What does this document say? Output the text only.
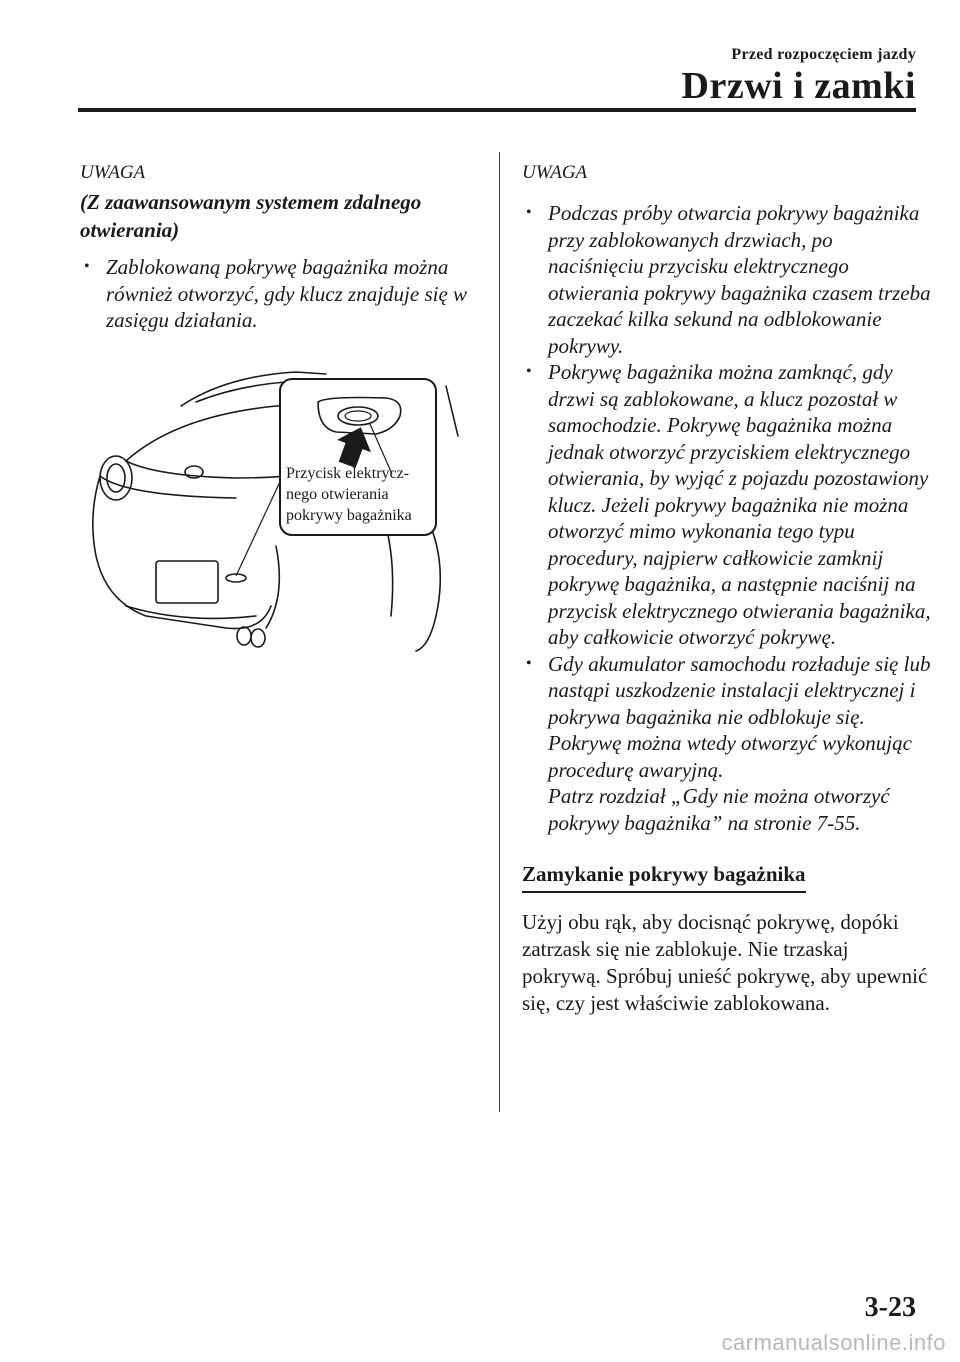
Przed rozpoczęciem jazdy
Drzwi i zamki

UWAGA

(Z zaawansowanym systemem zdalnego otwierania)

• Zablokowaną pokrywę bagażnika można również otworzyć, gdy klucz znajduje się w zasięgu działania.
Przycisk elektrycz-
nego otwierania
pokrywy bagażnika

UWAGA

• Podczas próby otwarcia pokrywy bagażnika przy zablokowanych drzwiach, po naciśnięciu przycisku elektrycznego otwierania pokrywy bagażnika czasem trzeba zaczekać kilka sekund na odblokowanie pokrywy.
• Pokrywę bagażnika można zamknąć, gdy drzwi są zablokowane, a klucz pozostał w samochodzie. Pokrywę bagażnika można jednak otworzyć przyciskiem elektrycznego otwierania, by wyjąć z pojazdu pozostawiony klucz. Jeżeli pokrywy bagażnika nie można otworzyć mimo wykonania tego typu procedury, najpierw całkowicie zamknij pokrywę bagażnika, a następnie naciśnij na przycisk elektrycznego otwierania bagażnika, aby całkowicie otworzyć pokrywę.
• Gdy akumulator samochodu rozładuje się lub nastąpi uszkodzenie instalacji elektrycznej i pokrywa bagażnika nie odblokuje się. Pokrywę można wtedy otworzyć wykonując procedurę awaryjną.
Patrz rozdział „Gdy nie można otworzyć pokrywy bagażnika” na stronie 7-55.
Zamykanie pokrywy bagażnika

Użyj obu rąk, aby docisnąć pokrywę, dopóki zatrzask się nie zablokuje. Nie trzaskaj pokrywą. Spróbuj unieść pokrywę, aby upewnić się, czy jest właściwie zablokowana.

3-23
carmanualsonline.info
